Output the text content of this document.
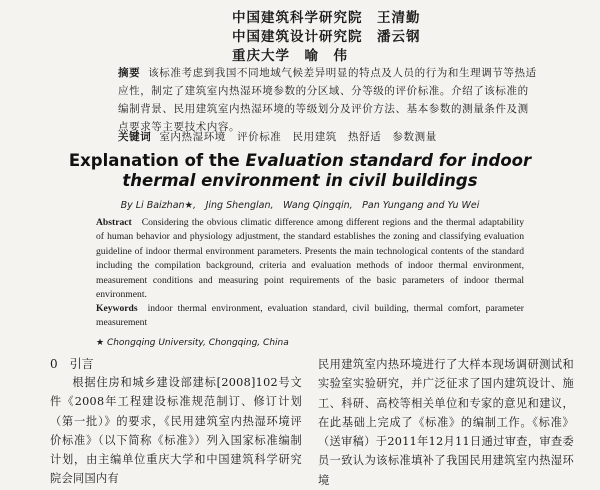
中国建筑科学研究院　王清勤
中国建筑设计研究院　潘云钢
重庆大学　喻　伟
摘要 该标准考虑到我国不同地域气候差异明显的特点及人员的行为和生理调节等热适应性，制定了建筑室内热湿环境参数的分区域、分等级的评价标准。介绍了该标准的编制背景、民用建筑室内热湿环境的等级划分及评价方法、基本参数的测量条件及测点要求等主要技术内容。
关键词 室内热湿环境　评价标准　民用建筑　热舒适　参数测量
Explanation of the Evaluation standard for indoor
thermal environment in civil buildings
By Li Baizhan★,　Jing Shenglan,　Wang Qingqin,　Pan Yungang and Yu Wei
Abstract Considering the obvious climatic difference among different regions and the thermal adaptability of human behavior and physiology adjustment, the standard establishes the zoning and classifying evaluation guideline of indoor thermal environment parameters. Presents the main technological contents of the standard including the compilation background, criteria and evaluation methods of indoor thermal environment, measurement conditions and measuring point requirements of the basic parameters of indoor thermal environment.
Keywords indoor thermal environment, evaluation standard, civil building, thermal comfort, parameter measurement
★ Chongqing University, Chongqing, China
0 引言
根据住房和城乡建设部建标[2008]102号文件《2008年工程建设标准规范制订、修订计划（第一批）》的要求，《民用建筑室内热湿环境评价标准》（以下简称《标准》）列入国家标准编制计划，由主编单位重庆大学和中国建筑科学研究院会同国内有
民用建筑室内热环境进行了大样本现场调研测试和实验室实验研究，并广泛征求了国内建筑设计、施工、科研、高校等相关单位和专家的意见和建议，在此基础上完成了《标准》的编制工作。《标准》（送审稿）于2011年12月11日通过审查，审查委员一致认为该标准填补了我国民用建筑室内热湿环境
